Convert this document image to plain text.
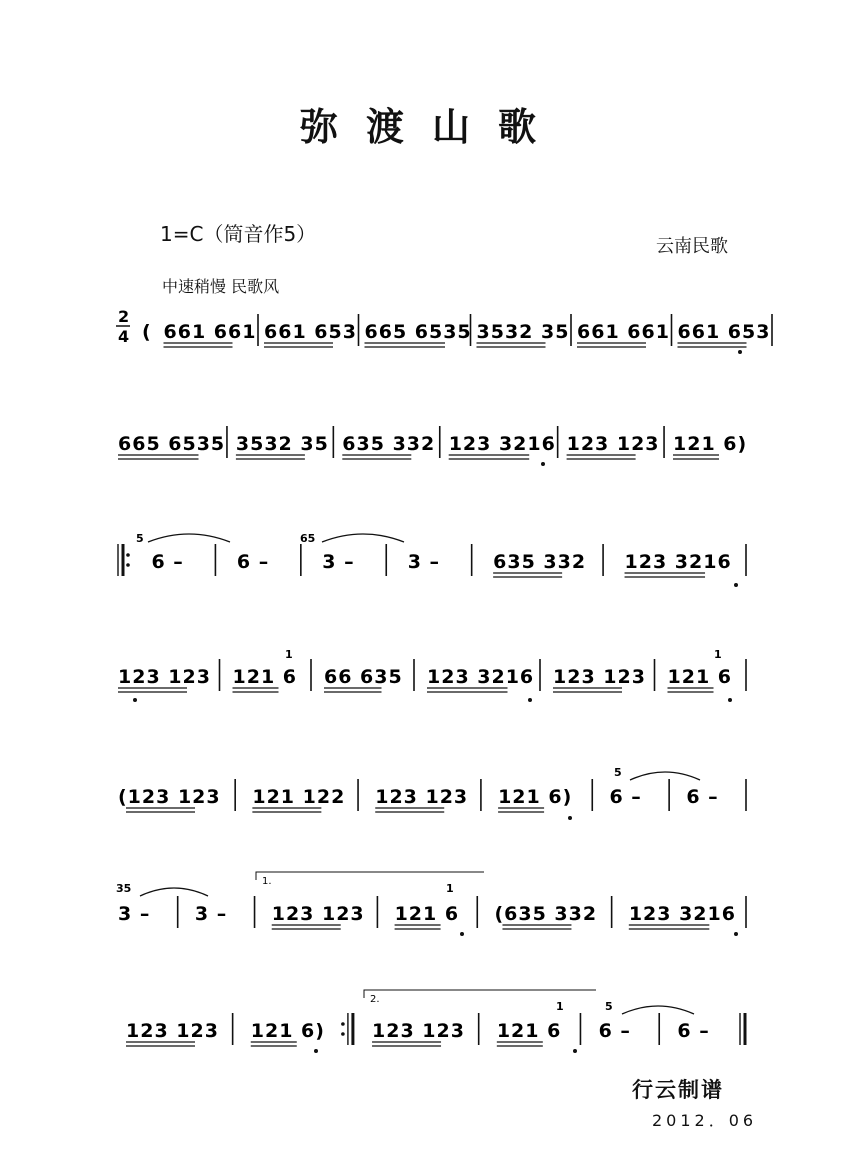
弥渡山歌
1=C（筒音作5）
云南民歌
中速稍慢 民歌风
2
4 ( 661 661 661 653 665 6535 3532 35 661 661 661 653
665 6535 3532 35 635 332 123 3216 123 123 121 6)
6 –	6 –	3 –	3 –	635 332 123 3216
123 123 121 6 66 635 123 3216 123 123 121 6
(123 123 121 122 123 123 121 6) 6 – 6 –
3 – 3 – 123 123 121 6 (635 332 123 3216
123 123 121 6) 123 123 121 6 6 – 6 –
5	65
1	1
5
35	1
1	5
1.
2.
行云制谱
2012．06
